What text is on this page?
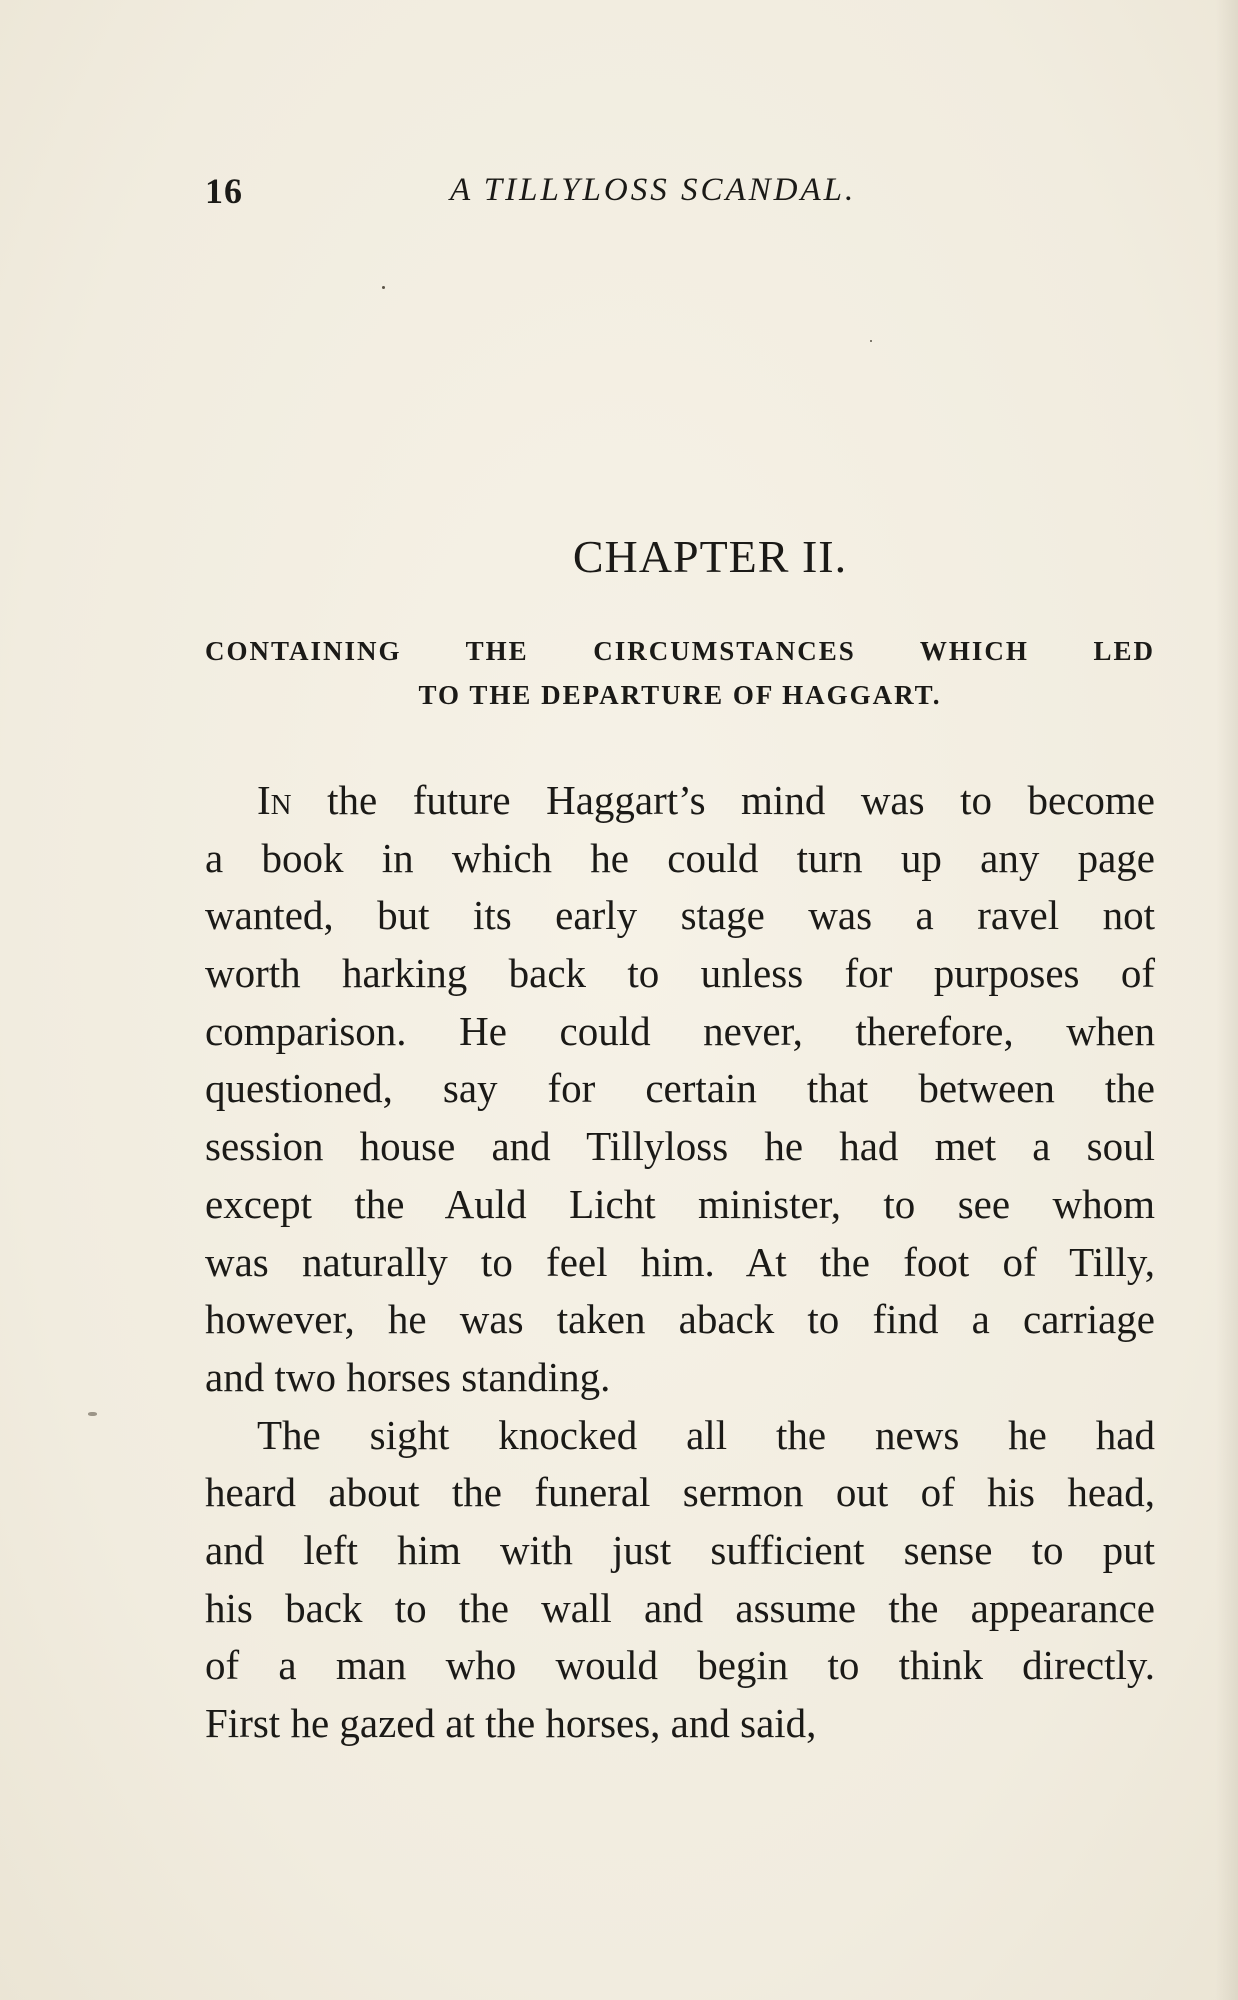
16	A TILLYLOSS SCANDAL.
CHAPTER II.
CONTAINING THE CIRCUMSTANCES WHICH LED
TO THE DEPARTURE OF HAGGART.
In the future Haggart’s mind was to become
a book in which he could turn up any page
wanted, but its early stage was a ravel not
worth harking back to unless for purposes of
comparison. He could never, therefore, when
questioned, say for certain that between the
session house and Tillyloss he had met a soul
except the Auld Licht minister, to see whom
was naturally to feel him. At the foot of Tilly,
however, he was taken aback to find a carriage
and two horses standing.
The sight knocked all the news he had
heard about the funeral sermon out of his head,
and left him with just sufficient sense to put
his back to the wall and assume the appearance
of a man who would begin to think directly.
First he gazed at the horses, and said,
